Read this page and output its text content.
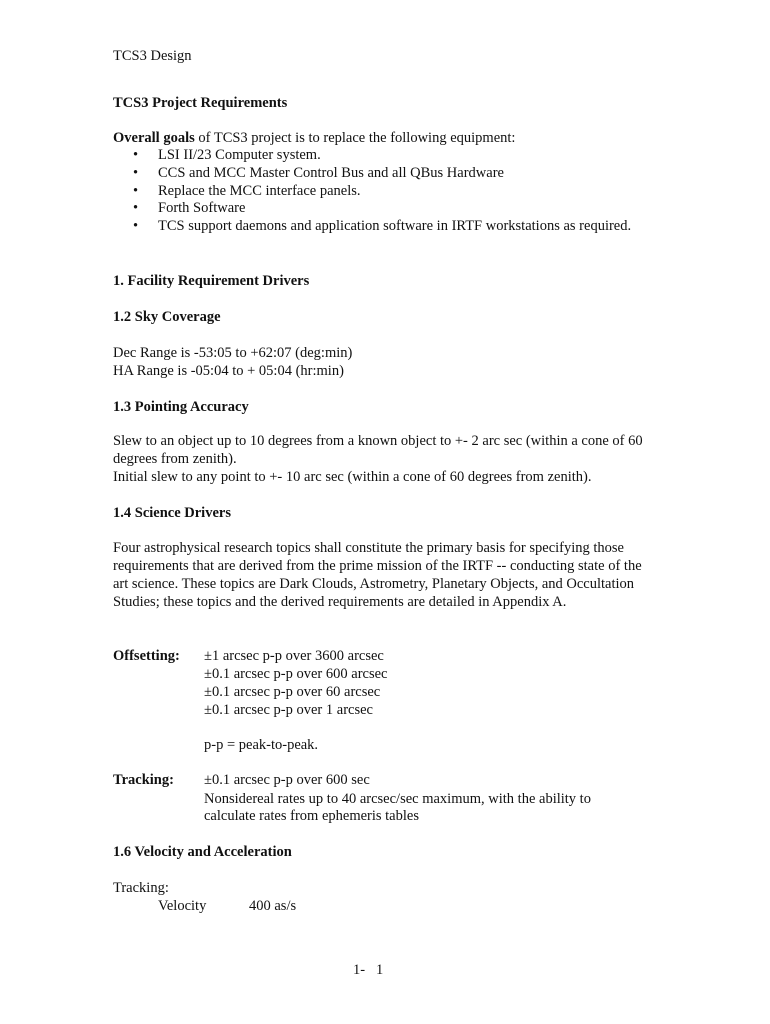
TCS3 Design
TCS3 Project Requirements
Overall goals of TCS3 project is to replace the following equipment:
• LSI II/23 Computer system.
• CCS and MCC Master Control Bus and all QBus Hardware
• Replace the MCC interface panels.
• Forth Software
• TCS support daemons and application software in IRTF workstations as required.
1. Facility Requirement Drivers
1.2 Sky Coverage
Dec Range is -53:05 to +62:07 (deg:min)
HA Range is -05:04 to + 05:04 (hr:min)
1.3 Pointing Accuracy
Slew to an object up to 10 degrees from a known object to +- 2 arc sec (within a cone of 60 degrees from zenith).
Initial slew to any point to +- 10 arc sec (within a cone of 60 degrees from zenith).
1.4 Science Drivers
Four astrophysical research topics shall constitute the primary basis for specifying those requirements that are derived from the prime mission of the IRTF -- conducting state of the art science. These topics are Dark Clouds, Astrometry, Planetary Objects, and Occultation Studies; these topics and the derived requirements are detailed in Appendix A.
Offsetting: ±1 arcsec p-p over 3600 arcsec
±0.1 arcsec p-p over 600 arcsec
±0.1 arcsec p-p over 60 arcsec
±0.1 arcsec p-p over 1 arcsec
p-p = peak-to-peak.
Tracking: ±0.1 arcsec p-p over 600 sec
Nonsidereal rates up to 40 arcsec/sec maximum, with the ability to
calculate rates from ephemeris tables
1.6 Velocity and Acceleration
Tracking:
Velocity	400 as/s
1-   1
